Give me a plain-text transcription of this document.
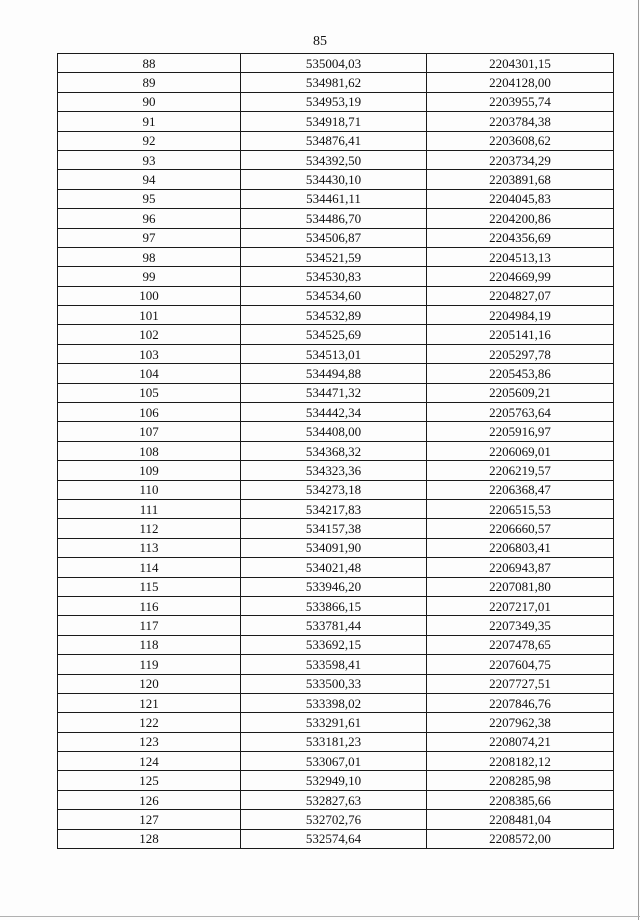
85
88	535004,03	2204301,15
89	534981,62	2204128,00
90	534953,19	2203955,74
91	534918,71	2203784,38
92	534876,41	2203608,62
93	534392,50	2203734,29
94	534430,10	2203891,68
95	534461,11	2204045,83
96	534486,70	2204200,86
97	534506,87	2204356,69
98	534521,59	2204513,13
99	534530,83	2204669,99
100	534534,60	2204827,07
101	534532,89	2204984,19
102	534525,69	2205141,16
103	534513,01	2205297,78
104	534494,88	2205453,86
105	534471,32	2205609,21
106	534442,34	2205763,64
107	534408,00	2205916,97
108	534368,32	2206069,01
109	534323,36	2206219,57
110	534273,18	2206368,47
111	534217,83	2206515,53
112	534157,38	2206660,57
113	534091,90	2206803,41
114	534021,48	2206943,87
115	533946,20	2207081,80
116	533866,15	2207217,01
117	533781,44	2207349,35
118	533692,15	2207478,65
119	533598,41	2207604,75
120	533500,33	2207727,51
121	533398,02	2207846,76
122	533291,61	2207962,38
123	533181,23	2208074,21
124	533067,01	2208182,12
125	532949,10	2208285,98
126	532827,63	2208385,66
127	532702,76	2208481,04
128	532574,64	2208572,00
